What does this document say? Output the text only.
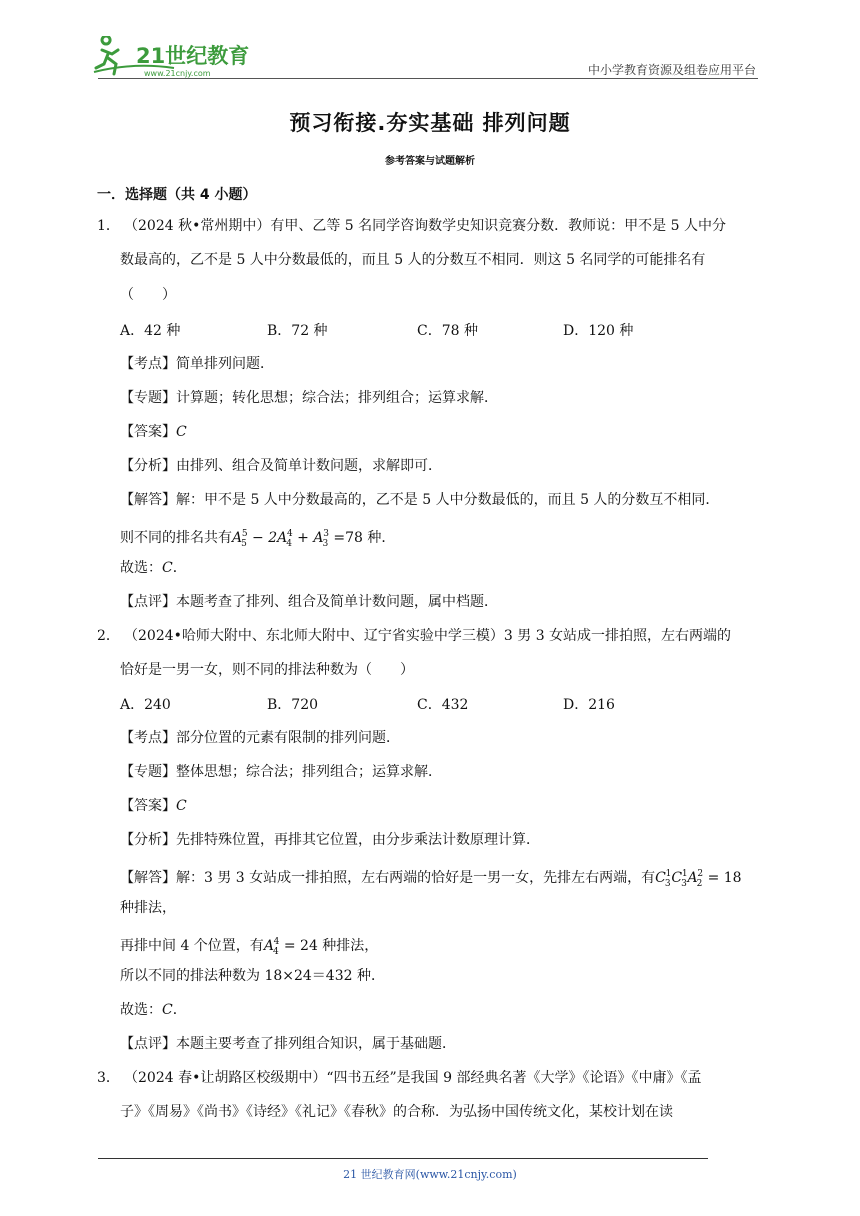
21世纪教育
www.21cnjy.com	中小学教育资源及组卷应用平台
预习衔接.夯实基础 排列问题
参考答案与试题解析
一．选择题（共 4 小题）
1． （2024 秋•常州期中）有甲、乙等 5 名同学咨询数学史知识竞赛分数．教师说：甲不是 5 人中分
数最高的，乙不是 5 人中分数最低的，而且 5 人的分数互不相同．则这 5 名同学的可能排名有
（　　）
A．42 种	B．72 种	C．78 种	D．120 种
【考点】简单排列问题．
【专题】计算题；转化思想；综合法；排列组合；运算求解．
【答案】C
【分析】由排列、组合及简单计数问题，求解即可．
【解答】解：甲不是 5 人中分数最高的，乙不是 5 人中分数最低的，而且 5 人的分数互不相同．
则不同的排名共有$A_5^5 - 2A_4^4 + A_3^3 =78$ 种．
故选：C．
【点评】本题考查了排列、组合及简单计数问题，属中档题．
2． （2024•哈师大附中、东北师大附中、辽宁省实验中学三模）3 男 3 女站成一排拍照，左右两端的
恰好是一男一女，则不同的排法种数为（　　）
A．240	B．720	C．432	D．216
【考点】部分位置的元素有限制的排列问题．
【专题】整体思想；综合法；排列组合；运算求解．
【答案】C
【分析】先排特殊位置，再排其它位置，由分步乘法计数原理计算．
【解答】解：3 男 3 女站成一排拍照，左右两端的恰好是一男一女，先排左右两端，有$C_3^1C_3^1A_2^2 = 18$
种排法，
再排中间 4 个位置，有$A_4^4 = 24$ 种排法，
所以不同的排法种数为 18×24＝432 种．
故选：C．
【点评】本题主要考查了排列组合知识，属于基础题．
3． （2024 春•让胡路区校级期中）“四书五经”是我国 9 部经典名著《大学》《论语》《中庸》《孟
子》《周易》《尚书》《诗经》《礼记》《春秋》的合称．为弘扬中国传统文化，某校计划在读
21 世纪教育网(www.21cnjy.com)
